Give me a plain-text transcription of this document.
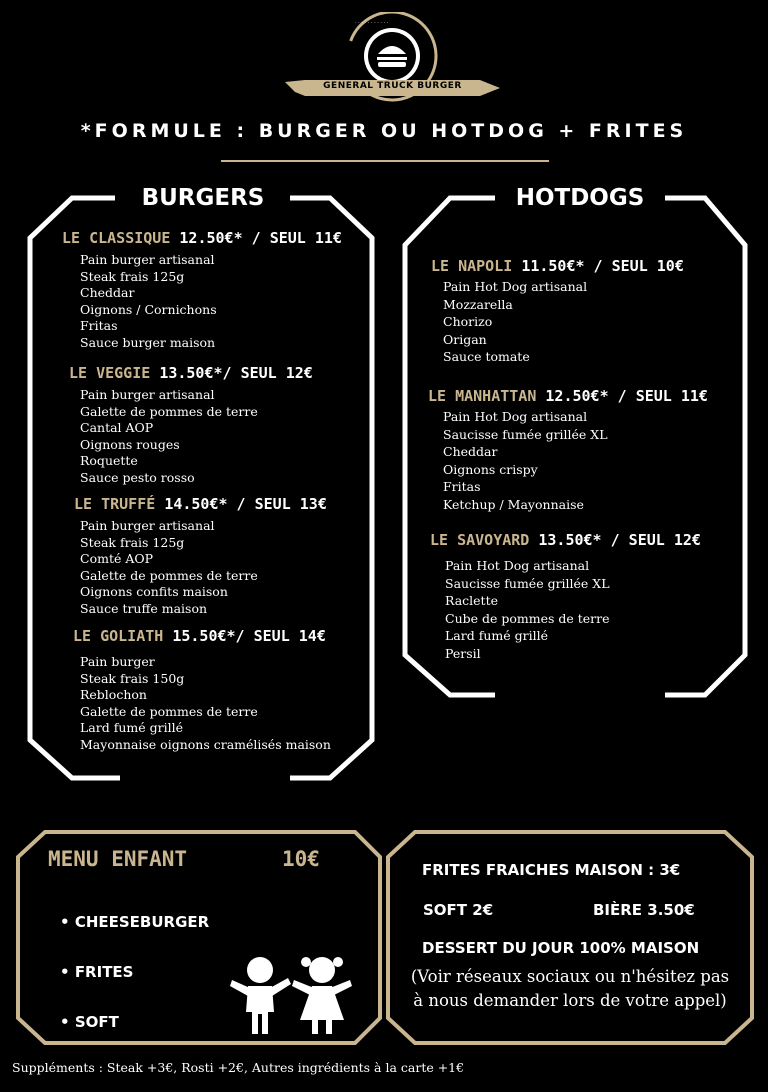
· · · · · · · · · · ·
GENERAL TRUCK BURGER
*FORMULE : BURGER OU HOTDOG + FRITES
BURGERS
LE CLASSIQUE 12.50€* / SEUL 11€
Pain burger artisanal
Steak frais 125g
Cheddar
Oignons / Cornichons
Fritas
Sauce burger maison
LE VEGGIE 13.50€*/ SEUL 12€
Pain burger artisanal
Galette de pommes de terre
Cantal AOP
Oignons rouges
Roquette
Sauce pesto rosso
LE TRUFFÉ 14.50€* / SEUL 13€
Pain burger artisanal
Steak frais 125g
Comté AOP
Galette de pommes de terre
Oignons confits maison
Sauce truffe maison
LE GOLIATH 15.50€*/ SEUL 14€
Pain burger
Steak frais 150g
Reblochon
Galette de pommes de terre
Lard fumé grillé
Mayonnaise oignons cramélisés maison
HOTDOGS
LE NAPOLI 11.50€* / SEUL 10€
Pain Hot Dog artisanal
Mozzarella
Chorizo
Origan
Sauce tomate
LE MANHATTAN 12.50€* / SEUL 11€
Pain Hot Dog artisanal
Saucisse fumée grillée XL
Cheddar
Oignons crispy
Fritas
Ketchup / Mayonnaise
LE SAVOYARD 13.50€* / SEUL 12€
Pain Hot Dog artisanal
Saucisse fumée grillée XL
Raclette
Cube de pommes de terre
Lard fumé grillé
Persil
MENU ENFANT	10€
• CHEESEBURGER
• FRITES
• SOFT
FRITES FRAICHES MAISON : 3€
SOFT 2€	BIÈRE 3.50€
DESSERT DU JOUR 100% MAISON
(Voir réseaux sociaux ou n'hésitez pas
à nous demander lors de votre appel)
Suppléments : Steak +3€, Rosti +2€, Autres ingrédients à la carte +1€
